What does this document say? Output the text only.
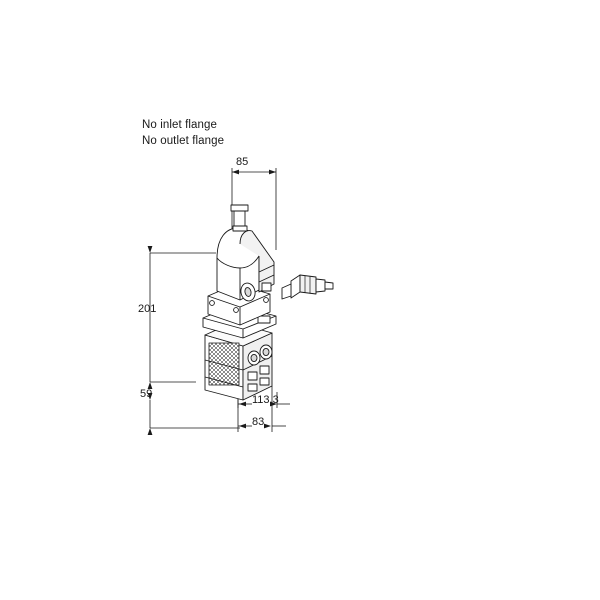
No inlet flange
No outlet flange
85
201
59	113,3
83
